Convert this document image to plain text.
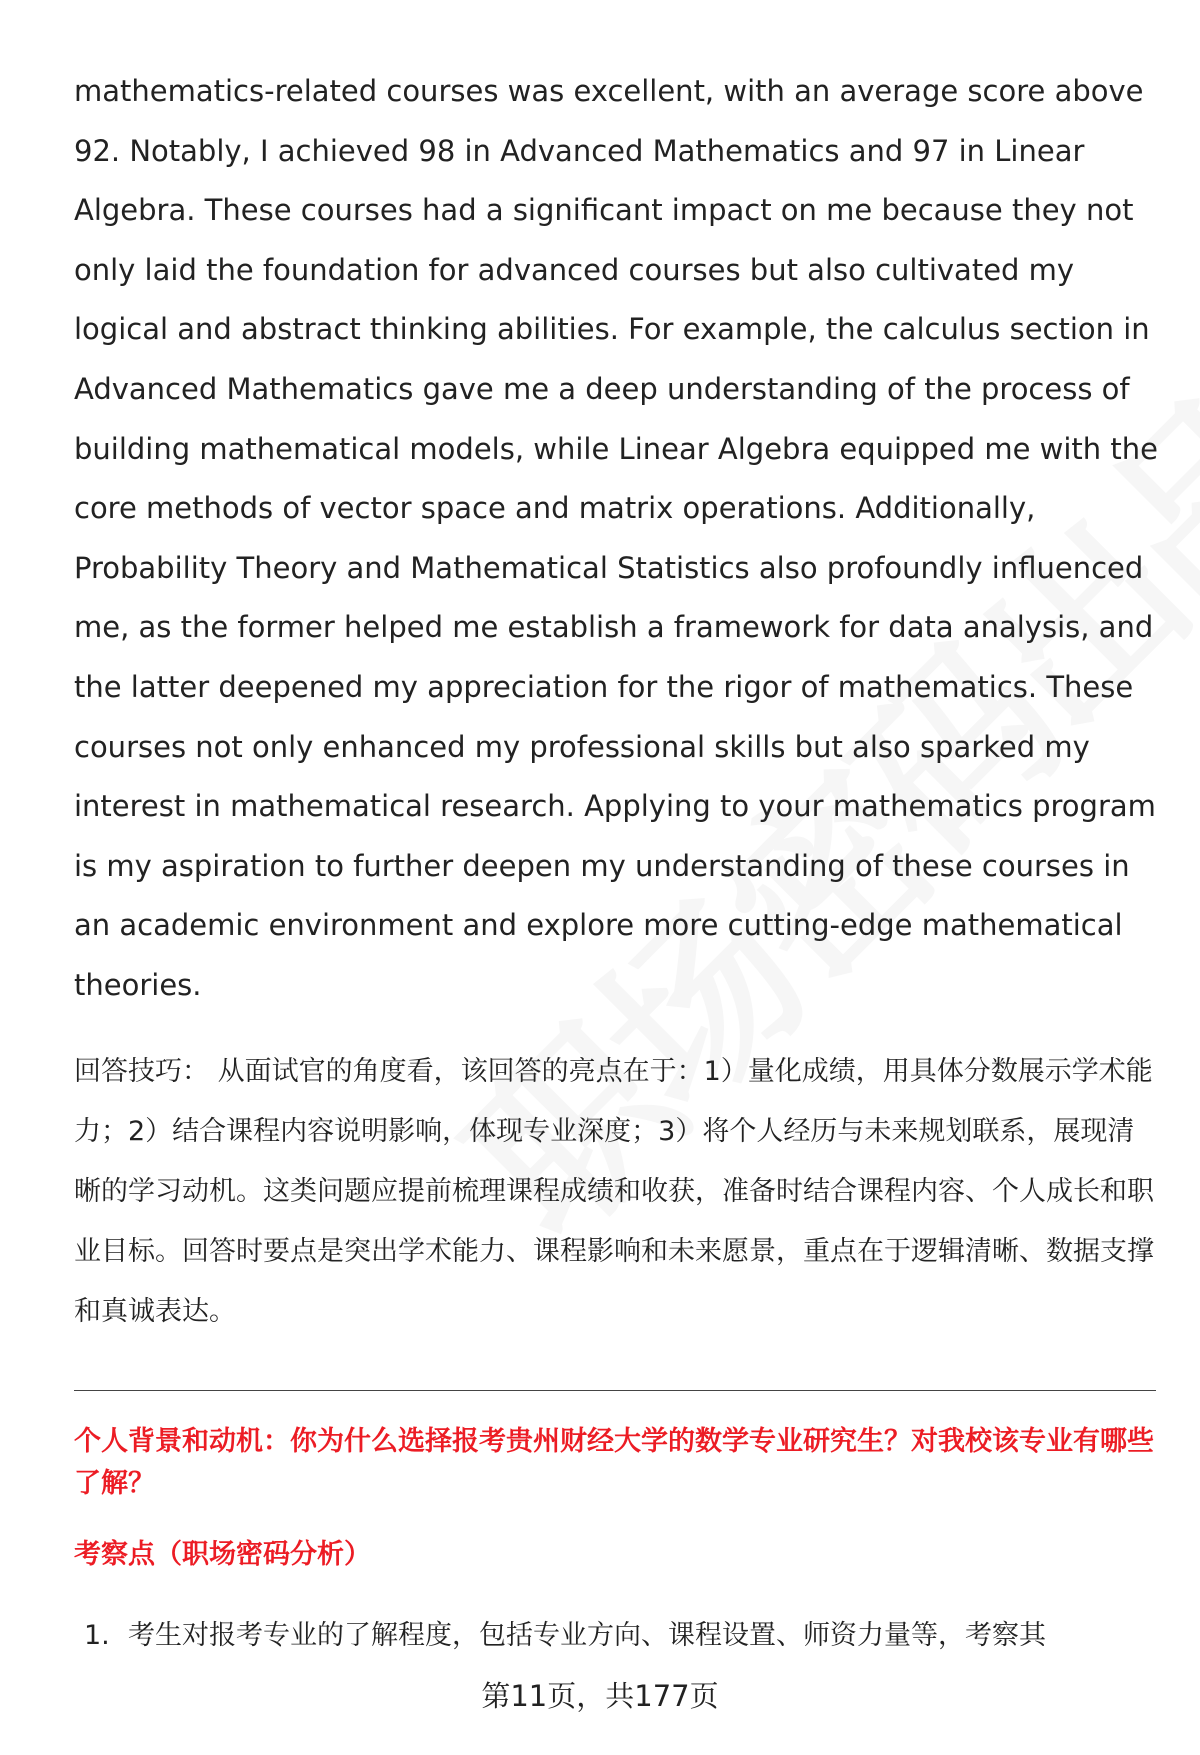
mathematics-related courses was excellent, with an average score above 92. Notably, I achieved 98 in Advanced Mathematics and 97 in Linear Algebra. These courses had a significant impact on me because they not only laid the foundation for advanced courses but also cultivated my logical and abstract thinking abilities. For example, the calculus section in Advanced Mathematics gave me a deep understanding of the process of building mathematical models, while Linear Algebra equipped me with the core methods of vector space and matrix operations. Additionally, Probability Theory and Mathematical Statistics also profoundly influenced me, as the former helped me establish a framework for data analysis, and the latter deepened my appreciation for the rigor of mathematics. These courses not only enhanced my professional skills but also sparked my interest in mathematical research. Applying to your mathematics program is my aspiration to further deepen my understanding of these courses in an academic environment and explore more cutting-edge mathematical theories.

回答技巧： 从面试官的角度看，该回答的亮点在于：1）量化成绩，用具体分数展示学术能力；2）结合课程内容说明影响，体现专业深度；3）将个人经历与未来规划联系，展现清晰的学习动机。这类问题应提前梳理课程成绩和收获，准备时结合课程内容、个人成长和职业目标。回答时要点是突出学术能力、课程影响和未来愿景，重点在于逻辑清晰、数据支撑和真诚表达。

个人背景和动机：你为什么选择报考贵州财经大学的数学专业研究生？对我校该专业有哪些了解？

考察点（职场密码分析）

1. 考生对报考专业的了解程度，包括专业方向、课程设置、师资力量等，考察其
第11页，共177页
